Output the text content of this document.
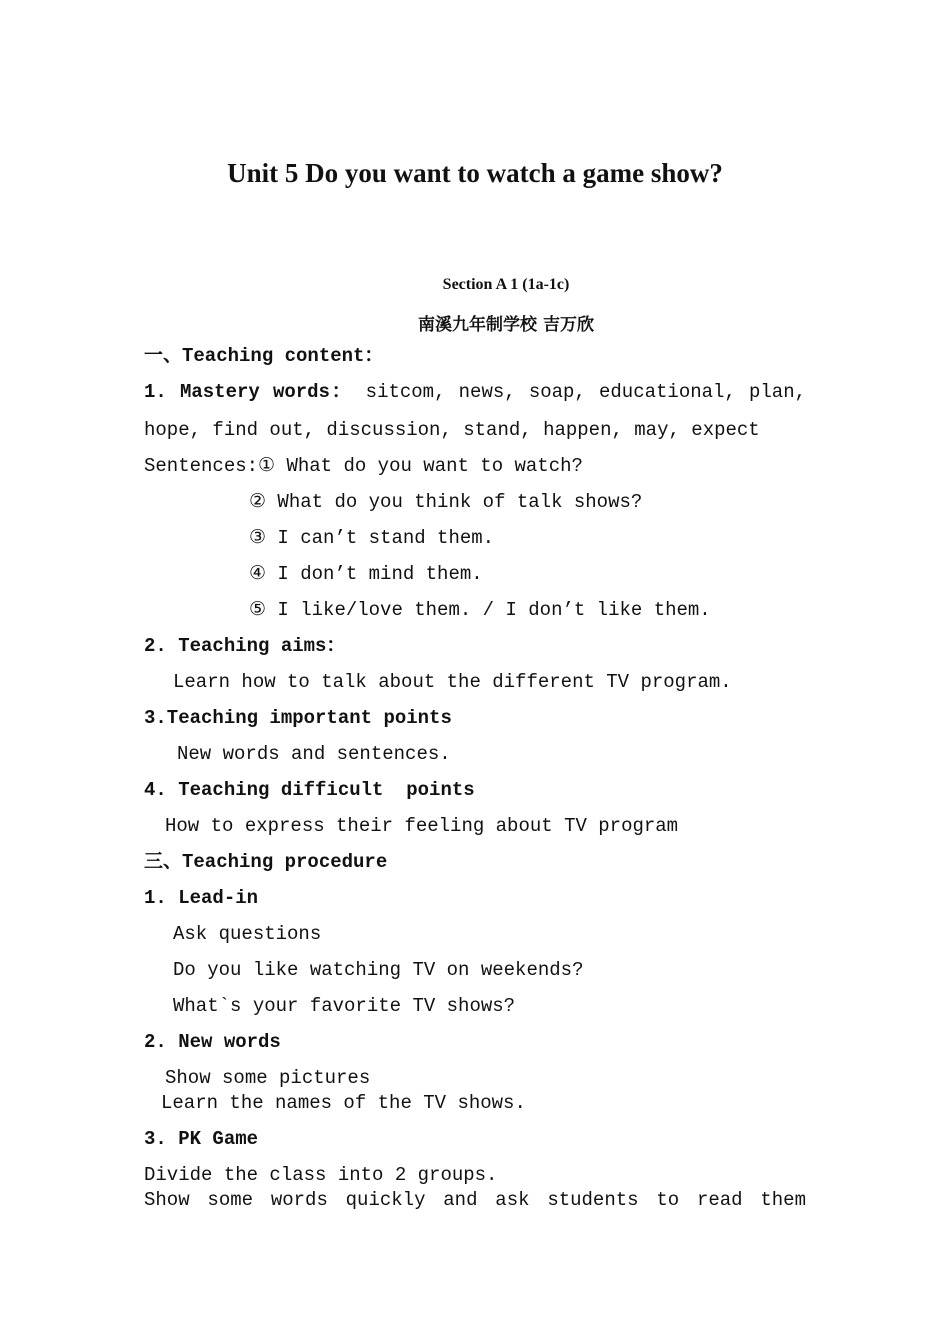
Unit 5 Do you want to watch a game show?
Section A 1 (1a-1c)
南溪九年制学校 吉万欣
一、Teaching content：
1. Mastery words： sitcom, news, soap, educational, plan,
hope, find out, discussion, stand, happen, may, expect
Sentences:① What do you want to watch?
② What do you think of talk shows?
③ I can’t stand them.
④ I don’t mind them.
⑤ I like/love them. / I don’t like them.
2. Teaching aims：
Learn how to talk about the different TV program.
3.Teaching important points
New words and sentences.
4. Teaching difficult  points
How to express their feeling about TV program
三、Teaching procedure
1. Lead-in
Ask questions
Do you like watching TV on weekends?
What`s your favorite TV shows?
2. New words
Show some pictures
Learn the names of the TV shows.
3. PK Game
Divide the class into 2 groups.
Show some words quickly and ask students to read them
